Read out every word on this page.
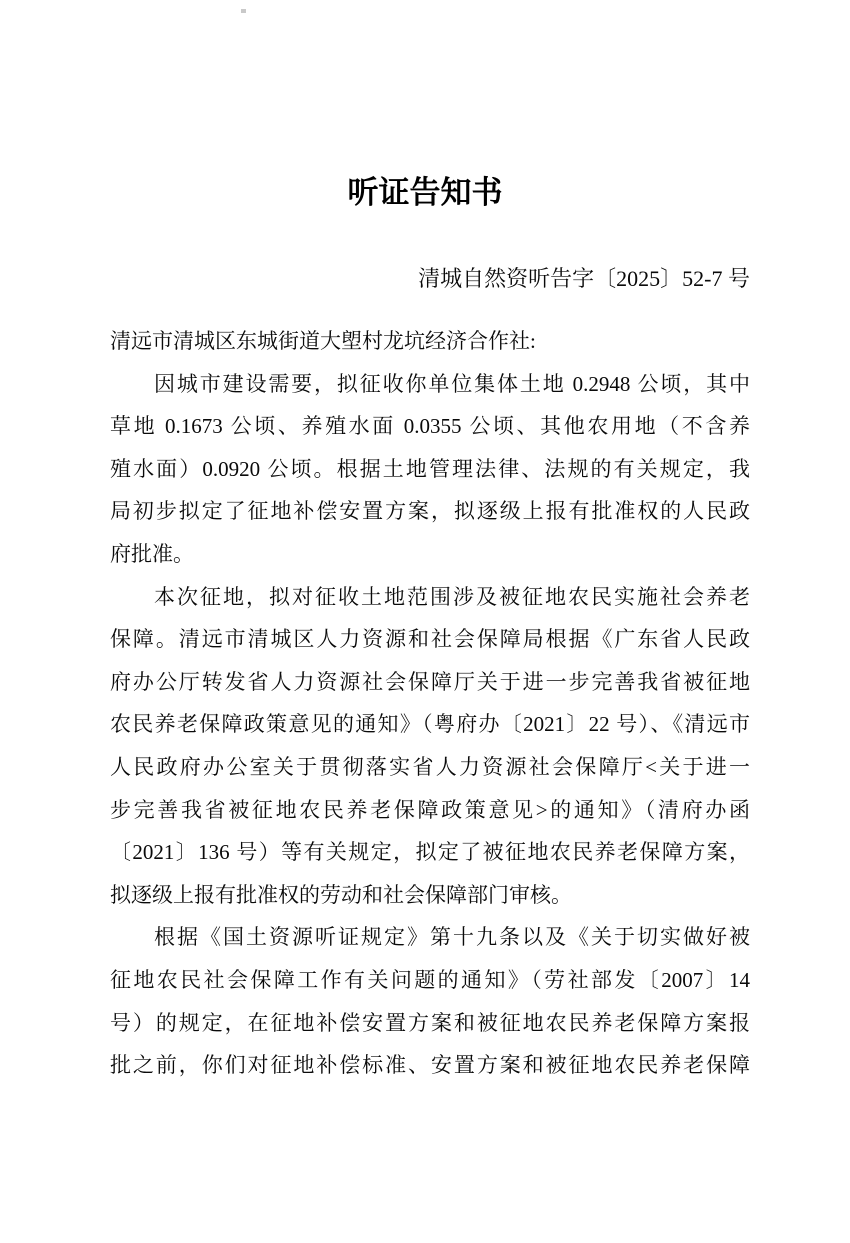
听证告知书
清城自然资听告字〔2025〕52-7 号
清远市清城区东城街道大塱村龙坑经济合作社:
因城市建设需要，拟征收你单位集体土地 0.2948 公顷，其中
草地 0.1673 公顷、养殖水面 0.0355 公顷、其他农用地（不含养
殖水面）0.0920 公顷。根据土地管理法律、法规的有关规定，我
局初步拟定了征地补偿安置方案，拟逐级上报有批准权的人民政
府批准。
本次征地，拟对征收土地范围涉及被征地农民实施社会养老
保障。清远市清城区人力资源和社会保障局根据《广东省人民政
府办公厅转发省人力资源社会保障厅关于进一步完善我省被征地
农民养老保障政策意见的通知》（粤府办〔2021〕22 号）、《清远市
人民政府办公室关于贯彻落实省人力资源社会保障厅<关于进一
步完善我省被征地农民养老保障政策意见>的通知》（清府办函
〔2021〕136 号）等有关规定，拟定了被征地农民养老保障方案，
拟逐级上报有批准权的劳动和社会保障部门审核。
根据《国土资源听证规定》第十九条以及《关于切实做好被
征地农民社会保障工作有关问题的通知》（劳社部发〔2007〕14
号）的规定，在征地补偿安置方案和被征地农民养老保障方案报
批之前，你们对征地补偿标准、安置方案和被征地农民养老保障
